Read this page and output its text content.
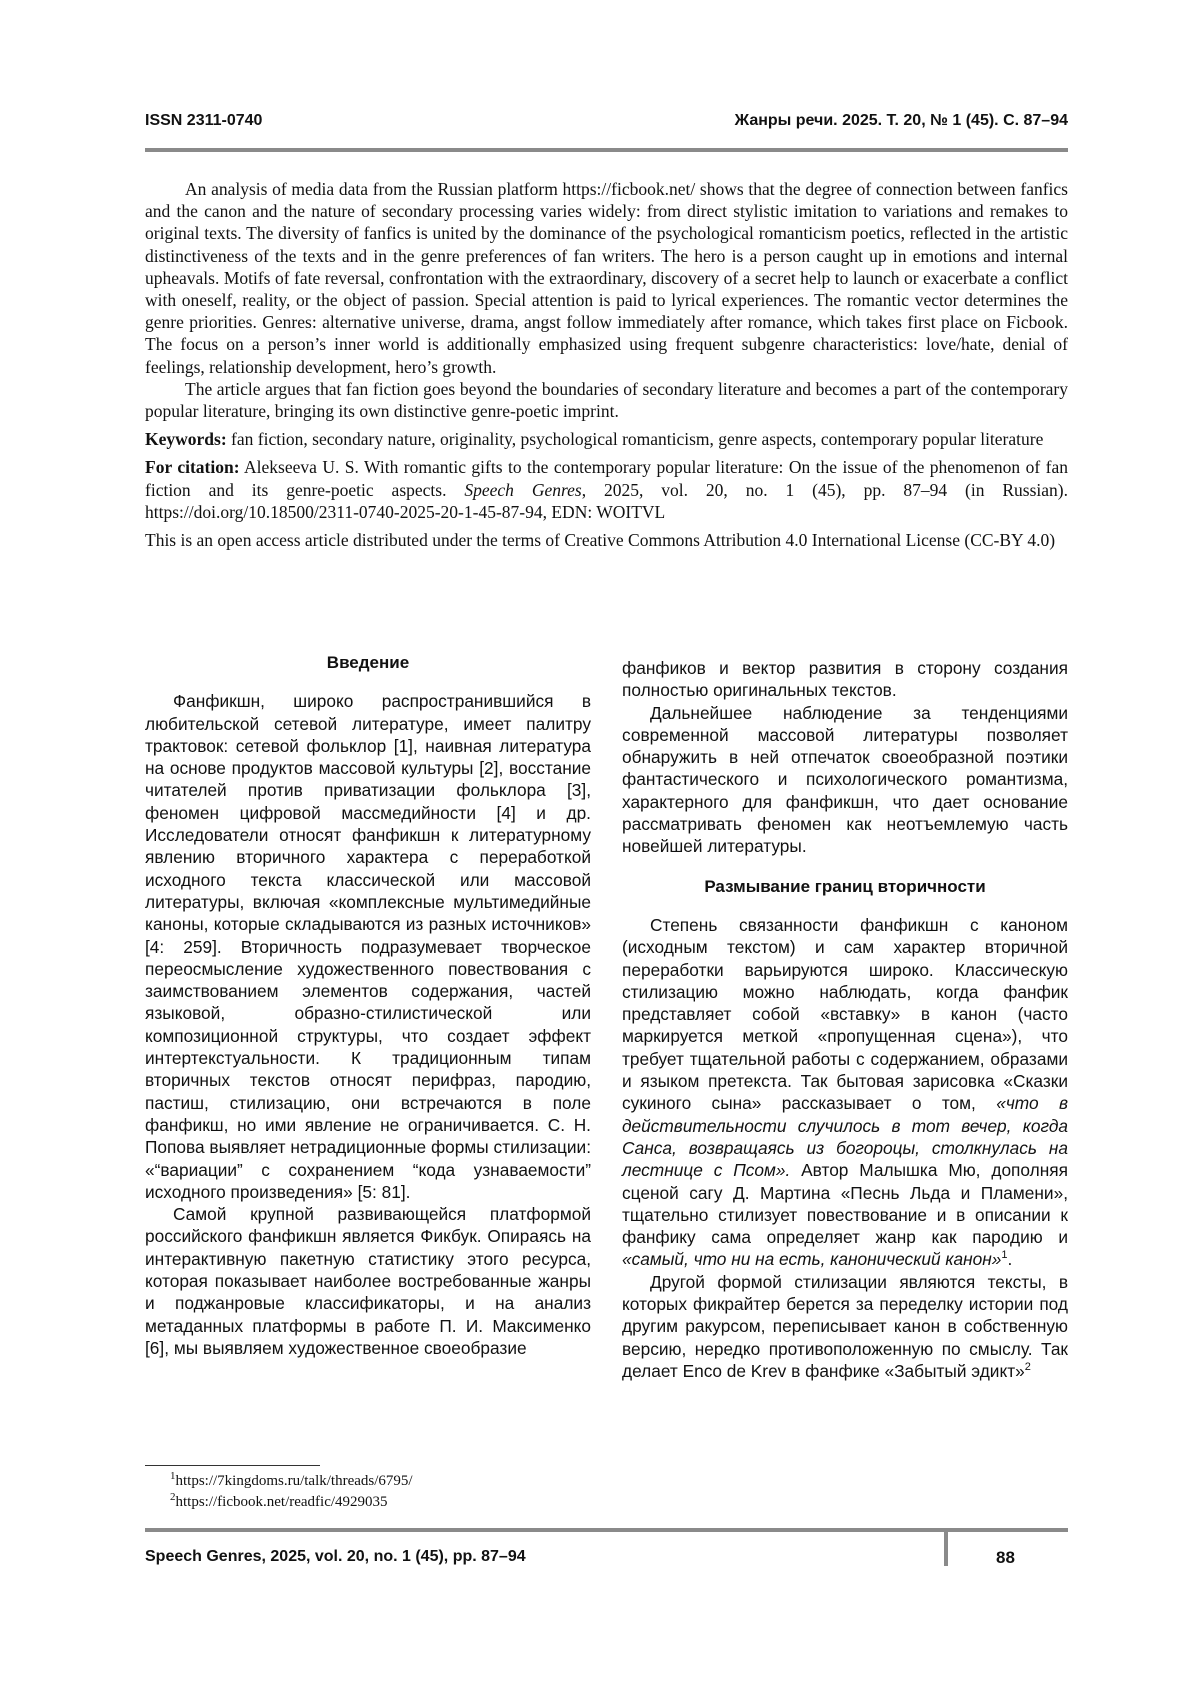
ISSN 2311-0740	Жанры речи. 2025. Т. 20, № 1 (45). С. 87–94

An analysis of media data from the Russian platform https://ficbook.net/ shows that the degree of connection between fanfics and the canon and the nature of secondary processing varies widely: from direct stylistic imitation to variations and remakes to original texts. The diversity of fanfics is united by the dominance of the psychological romanticism poetics, reflected in the artistic distinctiveness of the texts and in the genre preferences of fan writers. The hero is a person caught up in emotions and internal upheavals. Motifs of fate reversal, confrontation with the extraordinary, discovery of a secret help to launch or exacerbate a conflict with oneself, reality, or the object of passion. Special attention is paid to lyrical experiences. The romantic vector determines the genre priorities. Genres: alternative universe, drama, angst follow immediately after romance, which takes first place on Ficbook. The focus on a person’s inner world is additionally emphasized using frequent subgenre characteristics: love/hate, denial of feelings, relationship development, hero’s growth.

The article argues that fan fiction goes beyond the boundaries of secondary literature and becomes a part of the contemporary popular literature, bringing its own distinctive genre-poetic imprint.

Keywords: fan fiction, secondary nature, originality, psychological romanticism, genre aspects, contemporary popular literature

For citation: Alekseeva U. S. With romantic gifts to the contemporary popular literature: On the issue of the phenomenon of fan fiction and its genre-poetic aspects. Speech Genres, 2025, vol. 20, no. 1 (45), pp. 87–94 (in Russian). https://doi.org/10.18500/2311-0740-2025-20-1-45-87-94, EDN: WOITVL

This is an open access article distributed under the terms of Creative Commons Attribution 4.0 International License (CC-BY 4.0)

Введение

Фанфикшн, широко распространившийся в любительской сетевой литературе, имеет палитру трактовок: сетевой фольклор [1], наивная литература на основе продуктов массовой культуры [2], восстание читателей против приватизации фольклора [3], феномен цифровой массмедийности [4] и др. Исследователи относят фанфикшн к литературному явлению вторичного характера с переработкой исходного текста классической или массовой литературы, включая «комплексные мультимедийные каноны, которые складываются из разных источников» [4: 259]. Вторичность подразумевает творческое переосмысление художественного повествования с заимствованием элементов содержания, частей языковой, образно-стилистической или композиционной структуры, что создает эффект интертекстуальности. К традиционным типам вторичных текстов относят перифраз, пародию, пастиш, стилизацию, они встречаются в поле фанфикш, но ими явление не ограничивается. С. Н. Попова выявляет нетрадиционные формы стилизации: «“вариации” с сохранением “кода узнаваемости” исходного произведения» [5: 81].

Самой крупной развивающейся платформой российского фанфикшн является Фикбук. Опираясь на интерактивную пакетную статистику этого ресурса, которая показывает наиболее востребованные жанры и поджанровые классификаторы, и на анализ метаданных платформы в работе П. И. Максименко [6], мы выявляем художественное своеобразие

фанфиков и вектор развития в сторону создания полностью оригинальных текстов.

Дальнейшее наблюдение за тенденциями современной массовой литературы позволяет обнаружить в ней отпечаток своеобразной поэтики фантастического и психологического романтизма, характерного для фанфикшн, что дает основание рассматривать феномен как неотъемлемую часть новейшей литературы.

Размывание границ вторичности

Степень связанности фанфикшн с каноном (исходным текстом) и сам характер вторичной переработки варьируются широко. Классическую стилизацию можно наблюдать, когда фанфик представляет собой «вставку» в канон (часто маркируется меткой «пропущенная сцена»), что требует тщательной работы с содержанием, образами и языком претекста. Так бытовая зарисовка «Сказки сукиного сына» рассказывает о том, «что в действительности случилось в тот вечер, когда Санса, возвращаясь из богороцы, столкнулась на лестнице с Псом». Автор Малышка Мю, дополняя сценой сагу Д. Мартина «Песнь Льда и Пламени», тщательно стилизует повествование и в описании к фанфику сама определяет жанр как пародию и «самый, что ни на есть, канонический канон»$^1$.

Другой формой стилизации являются тексты, в которых фикрайтер берется за переделку истории под другим ракурсом, переписывает канон в собственную версию, нередко противоположенную по смыслу. Так делает Enco de Krev в фанфике «Забытый эдикт»$^2$

$^1$https://7kingdoms.ru/talk/threads/6795/
$^2$https://ficbook.net/readfic/4929035
Speech Genres, 2025, vol. 20, no. 1 (45), pp. 87–94	88
